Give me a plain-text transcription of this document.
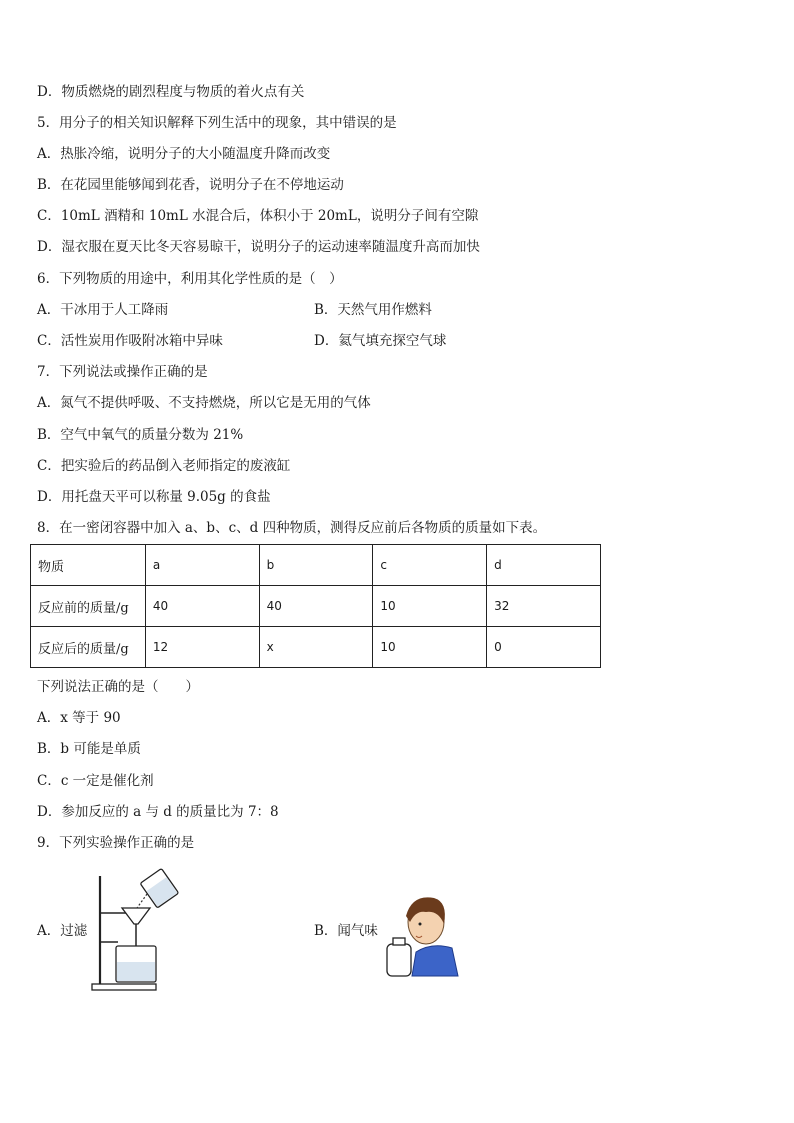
D．物质燃烧的剧烈程度与物质的着火点有关
5．用分子的相关知识解释下列生活中的现象，其中错误的是
A．热胀冷缩，说明分子的大小随温度升降而改变
B．在花园里能够闻到花香，说明分子在不停地运动
C．10mL 酒精和 10mL 水混合后，体积小于 20mL，说明分子间有空隙
D．湿衣服在夏天比冬天容易晾干，说明分子的运动速率随温度升高而加快
6．下列物质的用途中，利用其化学性质的是（　）
A．干冰用于人工降雨	B．天然气用作燃料
C．活性炭用作吸附冰箱中异味	D．氦气填充探空气球
7．下列说法或操作正确的是
A．氮气不提供呼吸、不支持燃烧，所以它是无用的气体
B．空气中氧气的质量分数为 21%
C．把实验后的药品倒入老师指定的废液缸
D．用托盘天平可以称量 9.05g 的食盐
8．在一密闭容器中加入 a、b、c、d 四种物质，测得反应前后各物质的质量如下表。
物质	a	b	c	d
反应前的质量/g	40	40	10	32
反应后的质量/g	12	x	10	0
下列说法正确的是（　　）
A．x 等于 90
B．b 可能是单质
C．c 一定是催化剂
D．参加反应的 a 与 d 的质量比为 7：8
9．下列实验操作正确的是
A．过滤	B．闻气味
